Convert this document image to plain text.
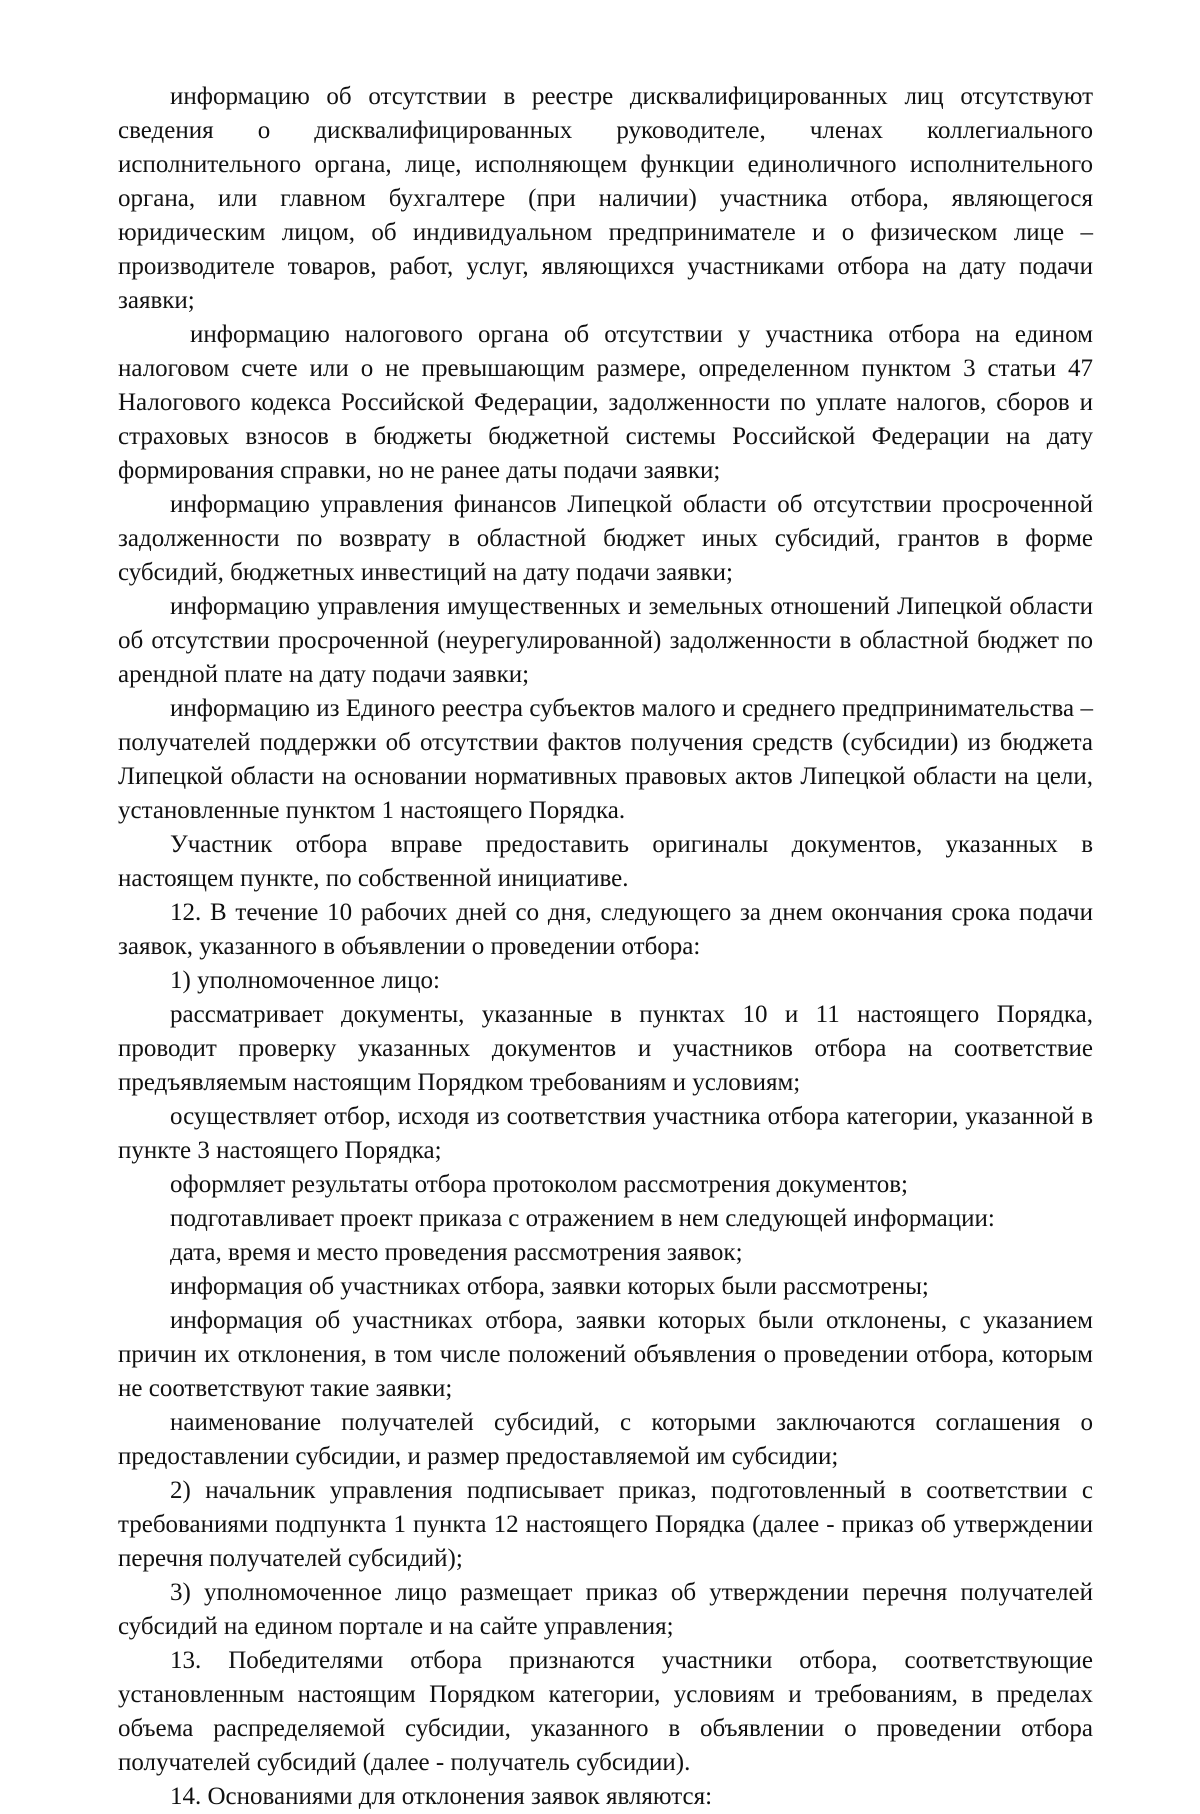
информацию об отсутствии в реестре дисквалифицированных лиц отсутствуют сведения о дисквалифицированных руководителе, членах коллегиального исполнительного органа, лице, исполняющем функции единоличного исполнительного органа, или главном бухгалтере (при наличии) участника отбора, являющегося юридическим лицом, об индивидуальном предпринимателе и о физическом лице – производителе товаров, работ, услуг, являющихся участниками отбора на дату подачи заявки;

информацию налогового органа об отсутствии у участника отбора на едином налоговом счете или о не превышающим размере, определенном пунктом 3 статьи 47 Налогового кодекса Российской Федерации, задолженности по уплате налогов, сборов и страховых взносов в бюджеты бюджетной системы Российской Федерации на дату формирования справки, но не ранее даты подачи заявки;

информацию управления финансов Липецкой области об отсутствии просроченной задолженности по возврату в областной бюджет иных субсидий, грантов в форме субсидий, бюджетных инвестиций на дату подачи заявки;

информацию управления имущественных и земельных отношений Липецкой области об отсутствии просроченной (неурегулированной) задолженности в областной бюджет по арендной плате на дату подачи заявки;

информацию из Единого реестра субъектов малого и среднего предпринимательства – получателей поддержки об отсутствии фактов получения средств (субсидии) из бюджета Липецкой области на основании нормативных правовых актов Липецкой области на цели, установленные пунктом 1 настоящего Порядка.

Участник отбора вправе предоставить оригиналы документов, указанных в настоящем пункте, по собственной инициативе.

12. В течение 10 рабочих дней со дня, следующего за днем окончания срока подачи заявок, указанного в объявлении о проведении отбора:

1) уполномоченное лицо:

рассматривает документы, указанные в пунктах 10 и 11 настоящего Порядка, проводит проверку указанных документов и участников отбора на соответствие предъявляемым настоящим Порядком требованиям и условиям;

осуществляет отбор, исходя из соответствия участника отбора категории, указанной в пункте 3 настоящего Порядка;

оформляет результаты отбора протоколом рассмотрения документов;

подготавливает проект приказа с отражением в нем следующей информации:

дата, время и место проведения рассмотрения заявок;

информация об участниках отбора, заявки которых были рассмотрены;

информация об участниках отбора, заявки которых были отклонены, с указанием причин их отклонения, в том числе положений объявления о проведении отбора, которым не соответствуют такие заявки;

наименование получателей субсидий, с которыми заключаются соглашения о предоставлении субсидии, и размер предоставляемой им субсидии;

2) начальник управления подписывает приказ, подготовленный в соответствии с требованиями подпункта 1 пункта 12 настоящего Порядка (далее - приказ об утверждении перечня получателей субсидий);

3) уполномоченное лицо размещает приказ об утверждении перечня получателей субсидий на едином портале и на сайте управления;

13. Победителями отбора признаются участники отбора, соответствующие установленным настоящим Порядком категории, условиям и требованиям, в пределах объема распределяемой субсидии, указанного в объявлении о проведении отбора получателей субсидий (далее - получатель субсидии).

14. Основаниями для отклонения заявок являются:
